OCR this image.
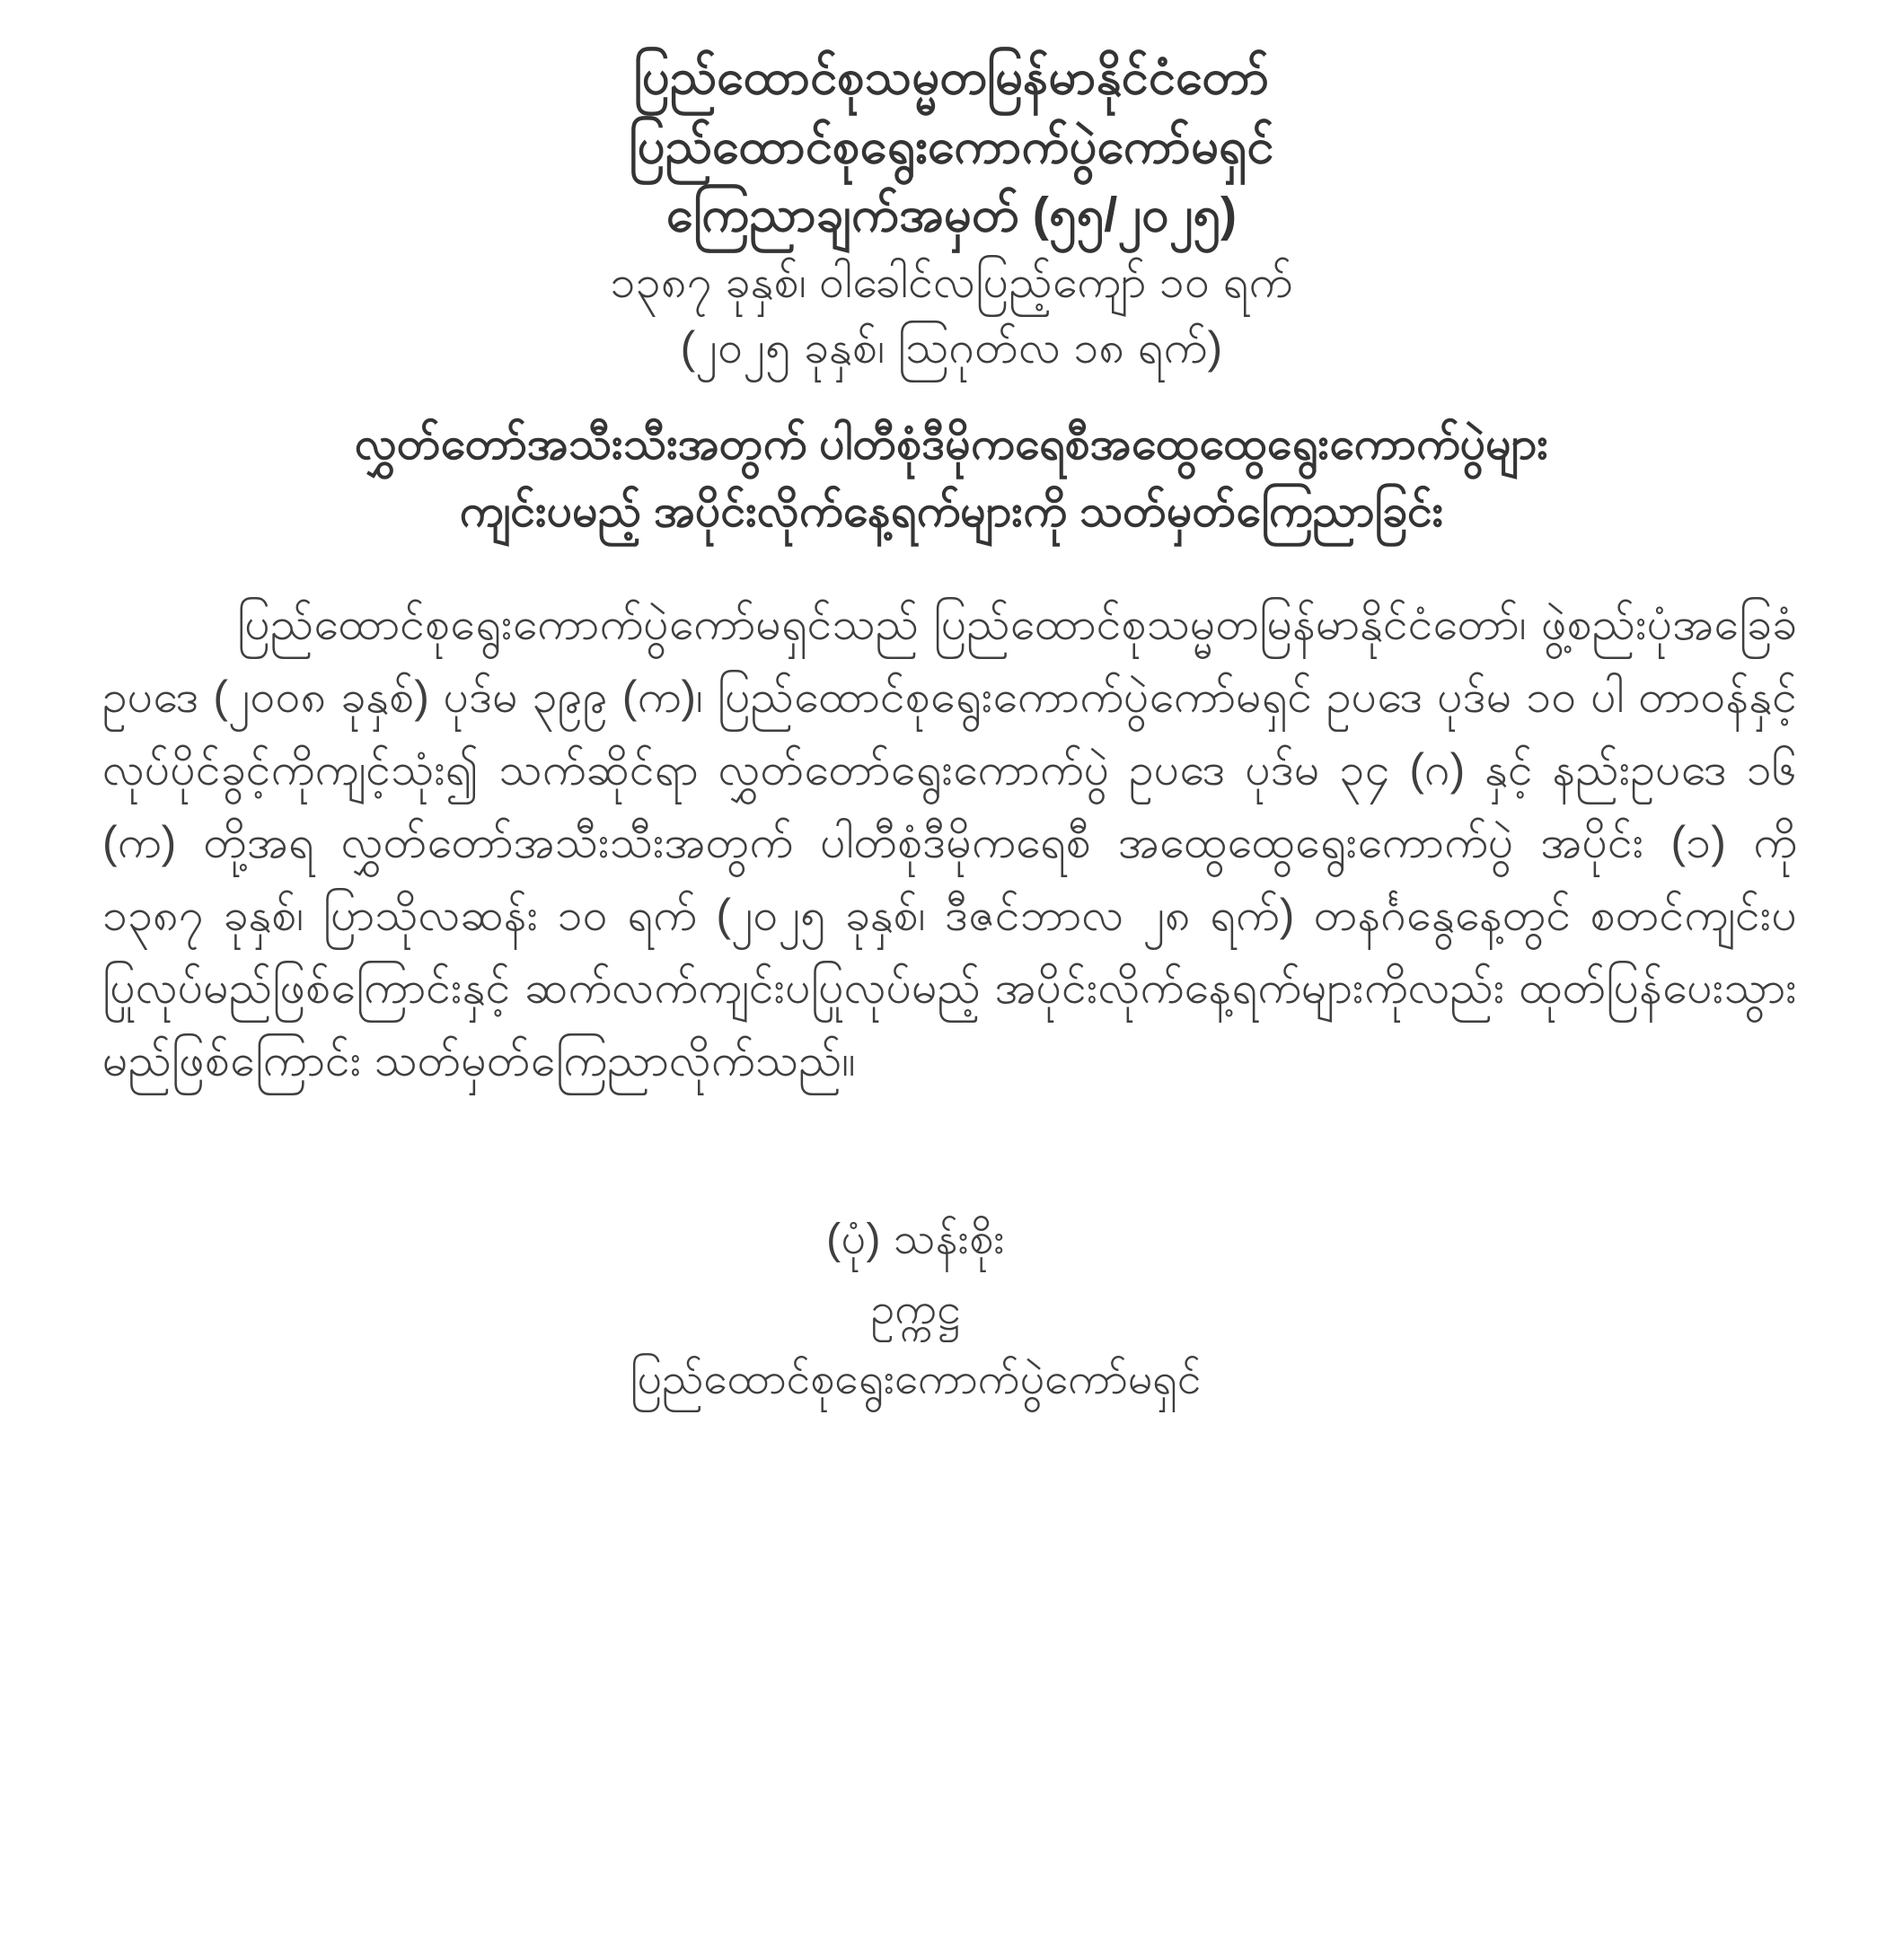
ပြည်ထောင်စုသမ္မတမြန်မာနိုင်ငံတော်
ပြည်ထောင်စုရွေးကောက်ပွဲကော်မရှင်
ကြေညာချက်အမှတ် (၅၅/၂၀၂၅)
၁၃၈၇ ခုနှစ်၊ ဝါခေါင်လပြည့်ကျော် ၁၀ ရက်
(၂၀၂၅ ခုနှစ်၊ သြဂုတ်လ ၁၈ ရက်)
လွှတ်တော်အသီးသီးအတွက် ပါတီစုံဒီမိုကရေစီအထွေထွေရွေးကောက်ပွဲများ
ကျင်းပမည့် အပိုင်းလိုက်နေ့ရက်များကို သတ်မှတ်ကြေညာခြင်း
ပြည်ထောင်စုရွေးကောက်ပွဲကော်မရှင်သည် ပြည်ထောင်စုသမ္မတမြန်မာနိုင်ငံတော်၊ ဖွဲ့စည်းပုံအခြေခံဥပဒေ (၂၀၀၈ ခုနှစ်) ပုဒ်မ ၃၉၉ (က)၊ ပြည်ထောင်စုရွေးကောက်ပွဲကော်မရှင် ဥပဒေ ပုဒ်မ ၁၀ ပါ တာဝန်နှင့် လုပ်ပိုင်ခွင့်ကိုကျင့်သုံး၍ သက်ဆိုင်ရာ လွှတ်တော်ရွေးကောက်ပွဲ ဥပဒေ ပုဒ်မ ၃၄ (ဂ) နှင့် နည်းဥပဒေ ၁၆ (က) တို့အရ လွှတ်တော်အသီးသီးအတွက် ပါတီစုံဒီမိုကရေစီ အထွေထွေရွေးကောက်ပွဲ အပိုင်း (၁) ကို ၁၃၈၇ ခုနှစ်၊ ပြာသိုလဆန်း ၁၀ ရက် (၂၀၂၅ ခုနှစ်၊ ဒီဇင်ဘာလ ၂၈ ရက်) တနင်္ဂနွေနေ့တွင် စတင်ကျင်းပပြုလုပ်မည်ဖြစ်ကြောင်းနှင့် ဆက်လက်ကျင်းပပြုလုပ်မည့် အပိုင်းလိုက်နေ့ရက်များကိုလည်း ထုတ်ပြန်ပေးသွားမည်ဖြစ်ကြောင်း သတ်မှတ်ကြေညာလိုက်သည်။
(ပုံ) သန်းစိုး
ဥက္ကဋ္ဌ
ပြည်ထောင်စုရွေးကောက်ပွဲကော်မရှင်
